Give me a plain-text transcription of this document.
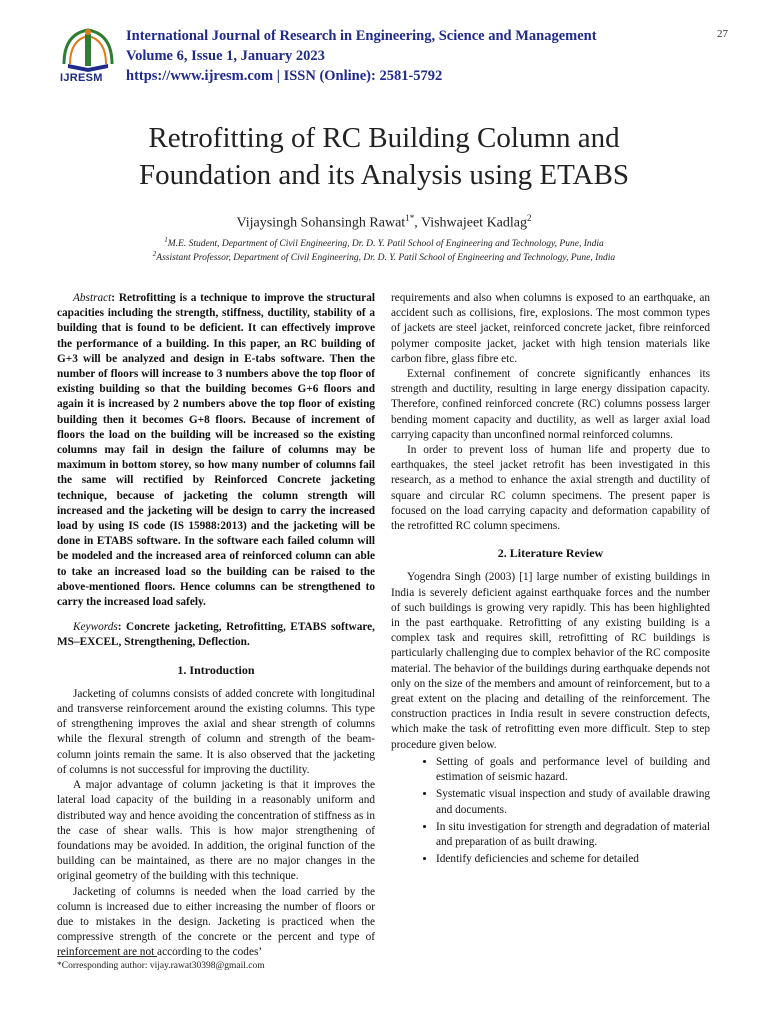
IJRESM
International Journal of Research in Engineering, Science and Management
Volume 6, Issue 1, January 2023
https://www.ijresm.com | ISSN (Online): 2581-5792
27
Retrofitting of RC Building Column and
Foundation and its Analysis using ETABS
Vijaysingh Sohansingh Rawat$^{1*}$, Vishwajeet Kadlag$^2$
$^1$M.E. Student, Department of Civil Engineering, Dr. D. Y. Patil School of Engineering and Technology, Pune, India
$^2$Assistant Professor, Department of Civil Engineering, Dr. D. Y. Patil School of Engineering and Technology, Pune, India

Abstract: Retrofitting is a technique to improve the structural capacities including the strength, stiffness, ductility, stability of a building that is found to be deficient. It can effectively improve the performance of a building. In this paper, an RC building of G+3 will be analyzed and design in E-tabs software. Then the number of floors will increase to 3 numbers above the top floor of existing building so that the building becomes G+6 floors and again it is increased by 2 numbers above the top floor of existing building then it becomes G+8 floors. Because of increment of floors the load on the building will be increased so the existing columns may fail in design the failure of columns may be maximum in bottom storey, so how many number of columns fail the same will rectified by Reinforced Concrete jacketing technique, because of jacketing the column strength will increased and the jacketing will be design to carry the increased load by using IS code (IS 15988:2013) and the jacketing will be done in ETABS software. In the software each failed column will be modeled and the increased area of reinforced column can able to take an increased load so the building can be raised to the above-mentioned floors. Hence columns can be strengthened to carry the increased load safely.

Keywords: Concrete jacketing, Retrofitting, ETABS software, MS–EXCEL, Strengthening, Deflection.

1. Introduction

Jacketing of columns consists of added concrete with longitudinal and transverse reinforcement around the existing columns. This type of strengthening improves the axial and shear strength of columns while the flexural strength of column and strength of the beam-column joints remain the same. It is also observed that the jacketing of columns is not successful for improving the ductility.

A major advantage of column jacketing is that it improves the lateral load capacity of the building in a reasonably uniform and distributed way and hence avoiding the concentration of stiffness as in the case of shear walls. This is how major strengthening of foundations may be avoided. In addition, the original function of the building can be maintained, as there are no major changes in the original geometry of the building with this technique.

Jacketing of columns is needed when the load carried by the column is increased due to either increasing the number of floors or due to mistakes in the design. Jacketing is practiced when the compressive strength of the concrete or the percent and type of reinforcement are not according to the codes’

requirements and also when columns is exposed to an earthquake, an accident such as collisions, fire, explosions. The most common types of jackets are steel jacket, reinforced concrete jacket, fibre reinforced polymer composite jacket, jacket with high tension materials like carbon fibre, glass fibre etc.

External confinement of concrete significantly enhances its strength and ductility, resulting in large energy dissipation capacity. Therefore, confined reinforced concrete (RC) columns possess larger bending moment capacity and ductility, as well as larger axial load carrying capacity than unconfined normal reinforced columns.

In order to prevent loss of human life and property due to earthquakes, the steel jacket retrofit has been investigated in this research, as a method to enhance the axial strength and ductility of square and circular RC column specimens. The present paper is focused on the load carrying capacity and deformation capability of the retrofitted RC column specimens.

2. Literature Review

Yogendra Singh (2003) [1] large number of existing buildings in India is severely deficient against earthquake forces and the number of such buildings is growing very rapidly. This has been highlighted in the past earthquake. Retrofitting of any existing building is a complex task and requires skill, retrofitting of RC buildings is particularly challenging due to complex behavior of the RC composite material. The behavior of the buildings during earthquake depends not only on the size of the members and amount of reinforcement, but to a great extent on the placing and detailing of the reinforcement. The construction practices in India result in severe construction defects, which make the task of retrofitting even more difficult. Step to step procedure given below.

• Setting of goals and performance level of building and estimation of seismic hazard.
• Systematic visual inspection and study of available drawing and documents.
• In situ investigation for strength and degradation of material and preparation of as built drawing.
• Identify deficiencies and scheme for detailed
*Corresponding author: vijay.rawat30398@gmail.com
